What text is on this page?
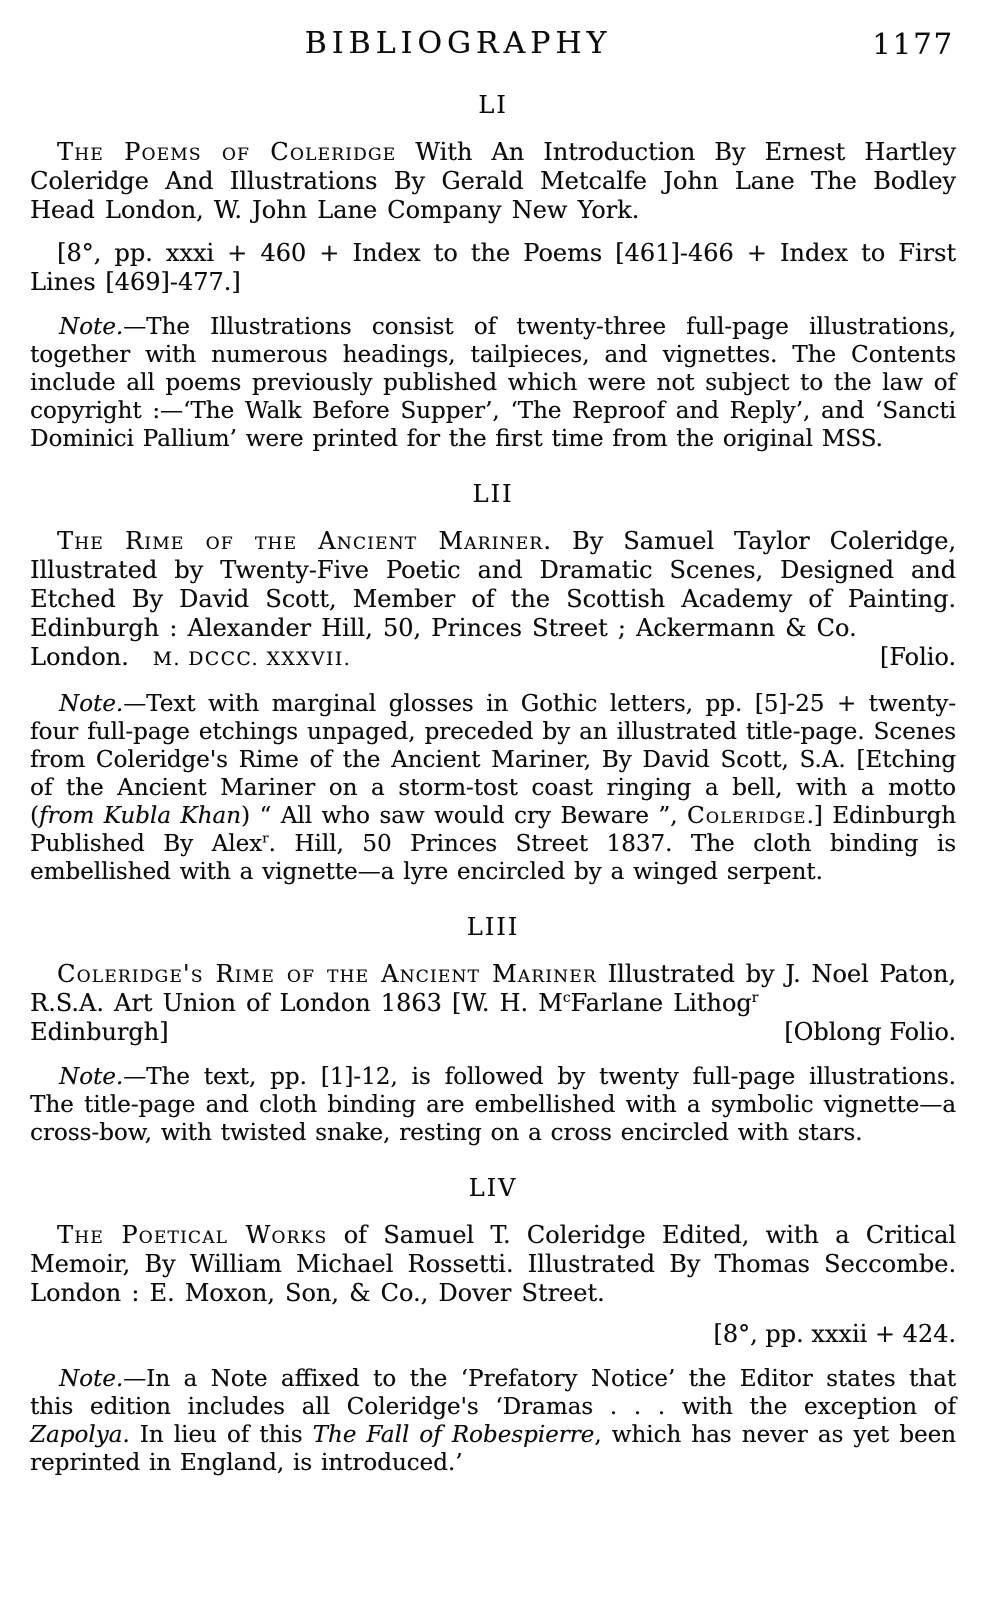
BIBLIOGRAPHY	1177
LI

The Poems of Coleridge With An Introduction By Ernest Hartley Coleridge And Illustrations By Gerald Metcalfe John Lane The Bodley Head London, W. John Lane Company New York.

[8°, pp. xxxi + 460 + Index to the Poems [461]-466 + Index to First Lines [469]-477.]

Note.—The Illustrations consist of twenty-three full-page illustrations, together with numerous headings, tailpieces, and vignettes. The Contents include all poems previously published which were not subject to the law of copyright :—‘The Walk Before Supper’, ‘The Reproof and Reply’, and ‘Sancti Dominici Pallium’ were printed for the first time from the original MSS.

LII

The Rime of the Ancient Mariner. By Samuel Taylor Coleridge, Illustrated by Twenty-Five Poetic and Dramatic Scenes, Designed and Etched By David Scott, Member of the Scottish Academy of Painting. Edinburgh : Alexander Hill, 50, Princes Street ; Ackermann & Co.

London. M. DCCC. XXXVII.	[Folio.

Note.—Text with marginal glosses in Gothic letters, pp. [5]-25 + twenty-four full-page etchings unpaged, preceded by an illustrated title-page. Scenes from Coleridge's Rime of the Ancient Mariner, By David Scott, S.A. [Etching of the Ancient Mariner on a storm-tost coast ringing a bell, with a motto (from Kubla Khan) “ All who saw would cry Beware ”, Coleridge.] Edinburgh Published By Alex$^r$. Hill, 50 Princes Street 1837. The cloth binding is embellished with a vignette—a lyre encircled by a winged serpent.

LIII

Coleridge's Rime of the Ancient Mariner Illustrated by J. Noel Paton, R.S.A. Art Union of London 1863 [W. H. $M^cFarlane$ Lithog$^r$

Edinburgh]	[Oblong Folio.

Note.—The text, pp. [1]-12, is followed by twenty full-page illustrations. The title-page and cloth binding are embellished with a symbolic vignette—a cross-bow, with twisted snake, resting on a cross encircled with stars.

LIV

The Poetical Works of Samuel T. Coleridge Edited, with a Critical Memoir, By William Michael Rossetti. Illustrated By Thomas Seccombe. London : E. Moxon, Son, & Co., Dover Street.

[8°, pp. xxxii + 424.

Note.—In a Note affixed to the ‘Prefatory Notice’ the Editor states that this edition includes all Coleridge's ‘Dramas . . . with the exception of Zapolya. In lieu of this The Fall of Robespierre, which has never as yet been reprinted in England, is introduced.’
